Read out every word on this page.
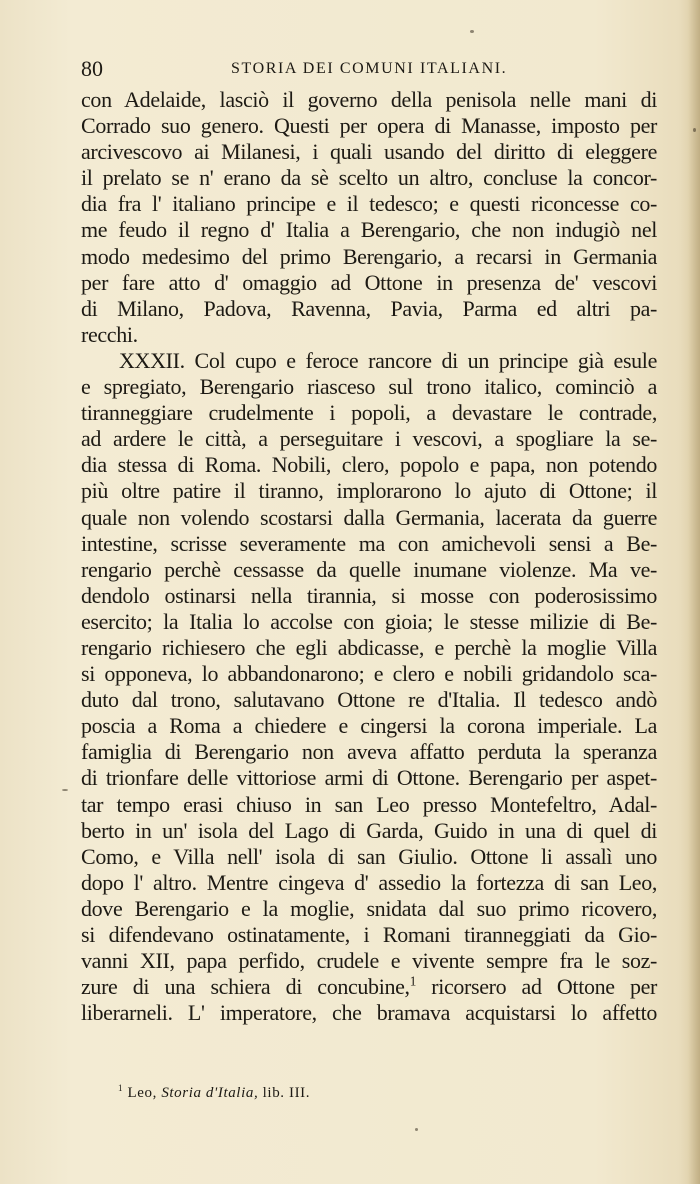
80	STORIA DEI COMUNI ITALIANI.
con Adelaide, lasciò il governo della penisola nelle mani di
Corrado suo genero. Questi per opera di Manasse, imposto per
arcivescovo ai Milanesi, i quali usando del diritto di eleggere
il prelato se n' erano da sè scelto un altro, concluse la concor-
dia fra l' italiano principe e il tedesco; e questi riconcesse co-
me feudo il regno d' Italia a Berengario, che non indugiò nel
modo medesimo del primo Berengario, a recarsi in Germania
per fare atto d' omaggio ad Ottone in presenza de' vescovi
di Milano, Padova, Ravenna, Pavia, Parma ed altri pa-
recchi.
XXXII. Col cupo e feroce rancore di un principe già esule
e spregiato, Berengario riasceso sul trono italico, cominciò a
tiranneggiare crudelmente i popoli, a devastare le contrade,
ad ardere le città, a perseguitare i vescovi, a spogliare la se-
dia stessa di Roma. Nobili, clero, popolo e papa, non potendo
più oltre patire il tiranno, implorarono lo ajuto di Ottone; il
quale non volendo scostarsi dalla Germania, lacerata da guerre
intestine, scrisse severamente ma con amichevoli sensi a Be-
rengario perchè cessasse da quelle inumane violenze. Ma ve-
dendolo ostinarsi nella tirannia, si mosse con poderosissimo
esercito; la Italia lo accolse con gioia; le stesse milizie di Be-
rengario richiesero che egli abdicasse, e perchè la moglie Villa
si opponeva, lo abbandonarono; e clero e nobili gridandolo sca-
duto dal trono, salutavano Ottone re d'Italia. Il tedesco andò
poscia a Roma a chiedere e cingersi la corona imperiale. La
famiglia di Berengario non aveva affatto perduta la speranza
di trionfare delle vittoriose armi di Ottone. Berengario per aspet-
tar tempo erasi chiuso in san Leo presso Montefeltro, Adal-
berto in un' isola del Lago di Garda, Guido in una di quel di
Como, e Villa nell' isola di san Giulio. Ottone li assalì uno
dopo l' altro. Mentre cingeva d' assedio la fortezza di san Leo,
dove Berengario e la moglie, snidata dal suo primo ricovero,
si difendevano ostinatamente, i Romani tiranneggiati da Gio-
vanni XII, papa perfido, crudele e vivente sempre fra le soz-
zure di una schiera di concubine,$^1$ ricorsero ad Ottone per
liberarneli. L' imperatore, che bramava acquistarsi lo affetto
$^1$ Leo, Storia d'Italia, lib. III.
